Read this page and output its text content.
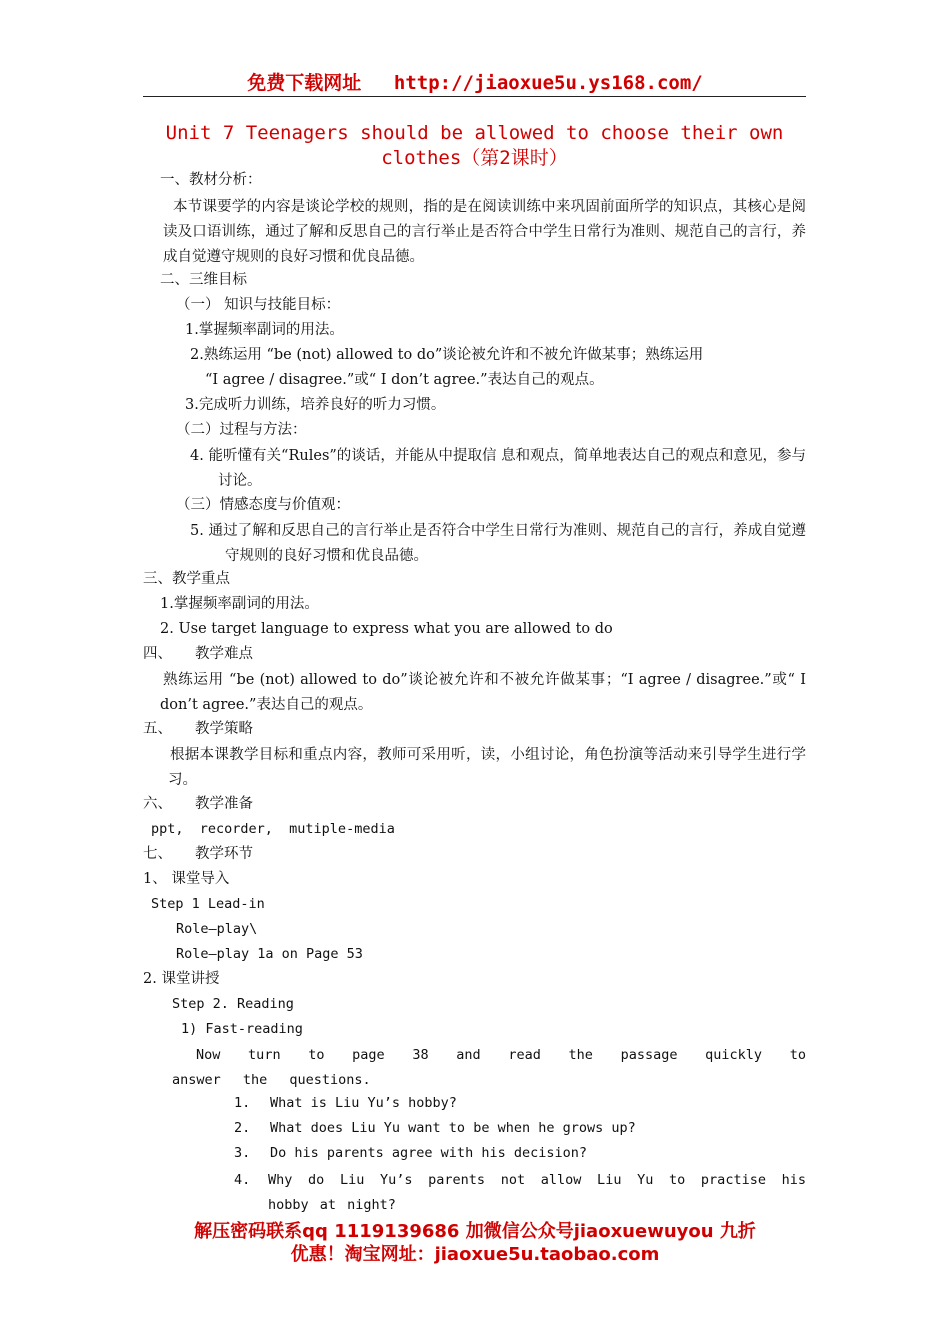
免费下载网址 http://jiaoxue5u.ys168.com/
Unit 7 Teenagers should be allowed to choose their own
clothes（第2课时）
一、教材分析：
本节课要学的内容是谈论学校的规则，指的是在阅读训练中来巩固前面所学的知识点，其核心是阅读及口语训练，通过了解和反思自己的言行举止是否符合中学生日常行为准则、规范自己的言行，养成自觉遵守规则的良好习惯和优良品德。
二、三维目标
（一） 知识与技能目标：
1.掌握频率副词的用法。
2.熟练运用 “be (not) allowed to do”谈论被允许和不被允许做某事；熟练运用
“I agree / disagree.”或“ I don’t agree.”表达自己的观点。
3.完成听力训练，培养良好的听力习惯。
（二）过程与方法：
4. 能听懂有关“Rules”的谈话，并能从中提取信 息和观点，简单地表达自己的观点和意见，参与讨论。
（三）情感态度与价值观：
5. 通过了解和反思自己的言行举止是否符合中学生日常行为准则、规范自己的言行，养成自觉遵守规则的良好习惯和优良品德。
三、教学重点
1.掌握频率副词的用法。
2. Use target language to express what you are allowed to do
四、     教学难点
熟练运用 “be (not) allowed to do”谈论被允许和不被允许做某事；“I agree / disagree.”或“ I don’t agree.”表达自己的观点。
五、     教学策略
根据本课教学目标和重点内容，教师可采用听，读，小组讨论，角色扮演等活动来引导学生进行学习。
六、     教学准备
ppt,  recorder,  mutiple-media
七、     教学环节
1、 课堂导入
Step 1 Lead-in
Role—play\
Role—play 1a on Page 53
2. 课堂讲授
Step 2. Reading
1) Fast-reading
Now turn to page 38 and read the passage quickly to answer the questions.
1. What is Liu Yu’s hobby?
2. What does Liu Yu want to be when he grows up?
3. Do his parents agree with his decision?
4.	Why do Liu Yu’s parents not allow Liu Yu to practise his hobby at night?
解压密码联系qq 1119139686 加微信公众号jiaoxuewuyou 九折
优惠！淘宝网址：jiaoxue5u.taobao.com
